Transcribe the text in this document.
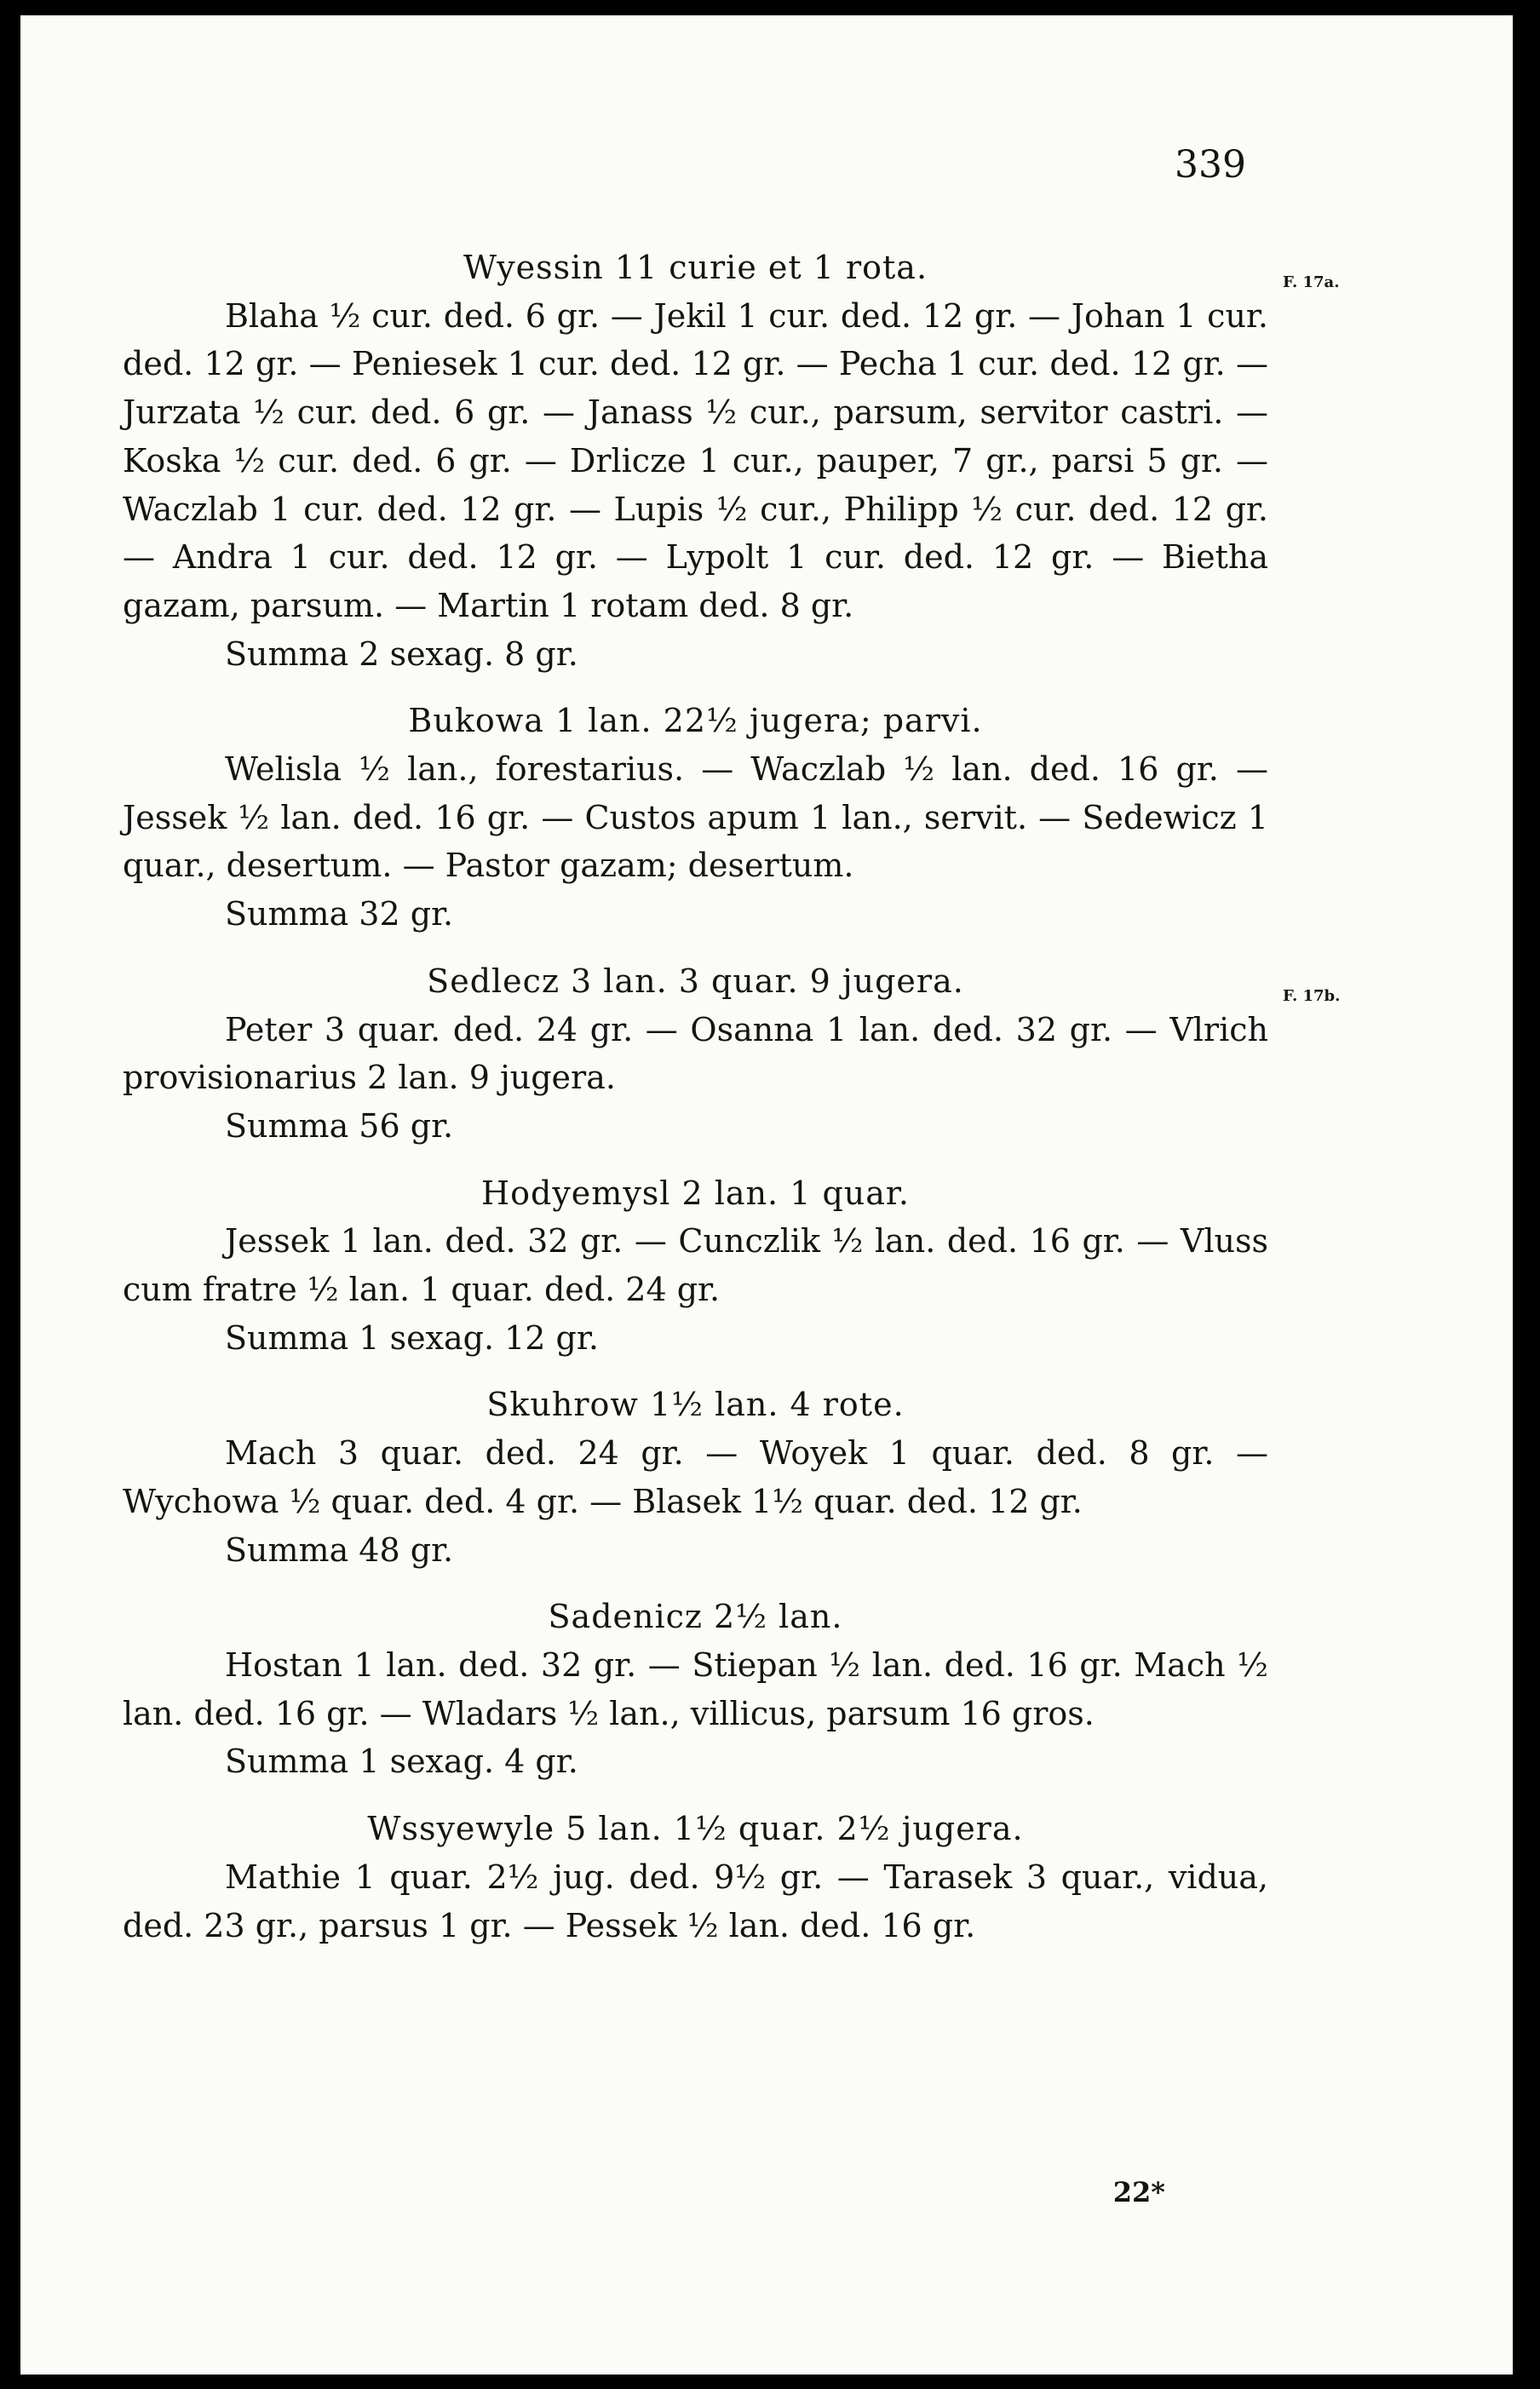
339
Wyessin 11 curie et 1 rota.	F. 17a.

Blaha ½ cur. ded. 6 gr. — Jekil 1 cur. ded. 12 gr. — Johan 1 cur. ded. 12 gr. — Peniesek 1 cur. ded. 12 gr. — Pecha 1 cur. ded. 12 gr. — Jurzata ½ cur. ded. 6 gr. — Janass ½ cur., parsum, servitor castri. — Koska ½ cur. ded. 6 gr. — Drlicze 1 cur., pauper, 7 gr., parsi 5 gr. — Waczlab 1 cur. ded. 12 gr. — Lupis ½ cur., Philipp ½ cur. ded. 12 gr. — Andra 1 cur. ded. 12 gr. — Lypolt 1 cur. ded. 12 gr. — Bietha gazam, parsum. — Martin 1 rotam ded. 8 gr.

Summa 2 sexag. 8 gr.

Bukowa 1 lan. 22½ jugera; parvi.

Welisla ½ lan., forestarius. — Waczlab ½ lan. ded. 16 gr. — Jessek ½ lan. ded. 16 gr. — Custos apum 1 lan., servit. — Sedewicz 1 quar., desertum. — Pastor gazam; desertum.

Summa 32 gr.

Sedlecz 3 lan. 3 quar. 9 jugera.	F. 17b.

Peter 3 quar. ded. 24 gr. — Osanna 1 lan. ded. 32 gr. — Vlrich provisionarius 2 lan. 9 jugera.

Summa 56 gr.

Hodyemysl 2 lan. 1 quar.

Jessek 1 lan. ded. 32 gr. — Cunczlik ½ lan. ded. 16 gr. — Vluss cum fratre ½ lan. 1 quar. ded. 24 gr.

Summa 1 sexag. 12 gr.

Skuhrow 1½ lan. 4 rote.

Mach 3 quar. ded. 24 gr. — Woyek 1 quar. ded. 8 gr. — Wychowa ½ quar. ded. 4 gr. — Blasek 1½ quar. ded. 12 gr.

Summa 48 gr.

Sadenicz 2½ lan.

Hostan 1 lan. ded. 32 gr. — Stiepan ½ lan. ded. 16 gr. Mach ½ lan. ded. 16 gr. — Wladars ½ lan., villicus, parsum 16 gros.

Summa 1 sexag. 4 gr.

Wssyewyle 5 lan. 1½ quar. 2½ jugera.

Mathie 1 quar. 2½ jug. ded. 9½ gr. — Tarasek 3 quar., vidua, ded. 23 gr., parsus 1 gr. — Pessek ½ lan. ded. 16 gr.

22*
